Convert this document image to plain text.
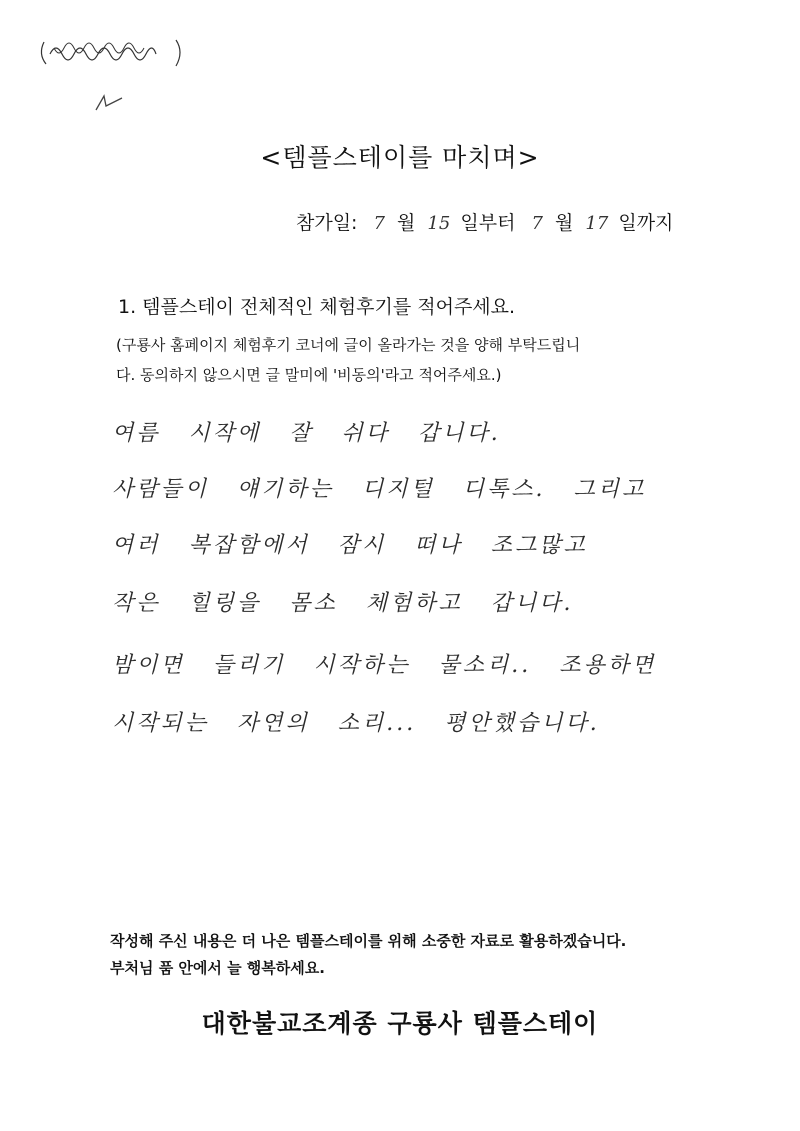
<템플스테이를 마치며>
참가일: 7 월 15 일부터 7 월 17 일까지
1. 템플스테이 전체적인 체험후기를 적어주세요.
(구룡사 홈페이지 체험후기 코너에 글이 올라가는 것을 양해 부탁드립니
다. 동의하지 않으시면 글 말미에 '비동의'라고 적어주세요.)
여름 시작에 잘 쉬다 갑니다.
사람들이 얘기하는 디지털 디톡스. 그리고
여러 복잡함에서 잠시 떠나 조그많고
작은 힐링을 몸소 체험하고 갑니다.
밤이면 들리기 시작하는 물소리.. 조용하면
시작되는 자연의 소리... 평안했습니다.
작성해 주신 내용은 더 나은 템플스테이를 위해 소중한 자료로 활용하겠습니다.
부처님 품 안에서 늘 행복하세요.
대한불교조계종 구룡사 템플스테이
